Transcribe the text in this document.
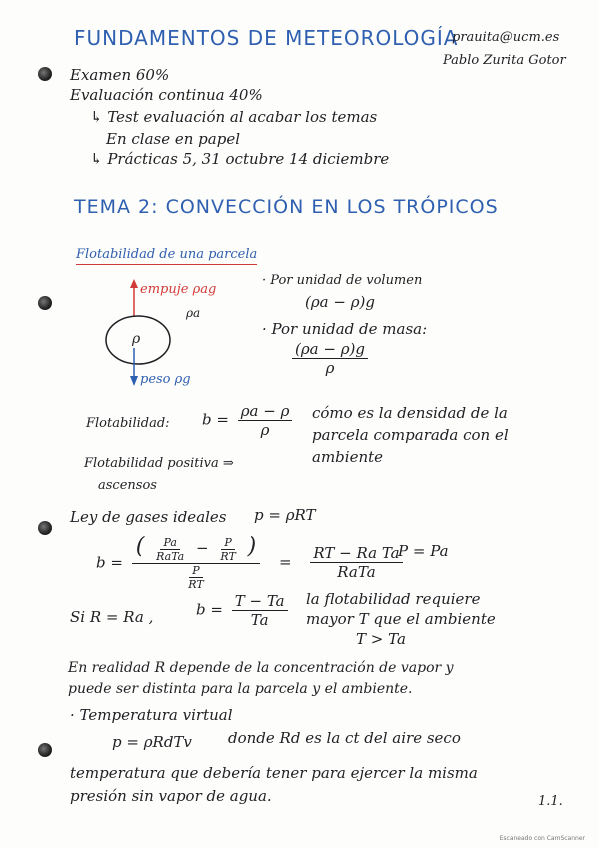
FUNDAMENTOS DE METEOROLOGÍA
prauita@ucm.es
Pablo Zurita Gotor
Examen 60%
Evaluación continua 40%
↳ Test evaluación al acabar los temas
En clase en papel
↳ Prácticas 5, 31 octubre 14 diciembre
TEMA 2: CONVECCIÓN EN LOS TRÓPICOS
Flotabilidad de una parcela
empuje ρag
ρa
ρ
peso ρg
· Por unidad de volumen
(ρa − ρ)g
· Por unidad de masa:
$\frac{(\rho a - \rho)g}{\rho}$
Flotabilidad: $b = \frac{\rho a - \rho}{\rho}$ cómo es la densidad de la
parcela comparada con el
ambiente
Flotabilidad positiva ⇒
ascensos
Ley de gases ideales p = ρRT
b =
( $\frac{Pa}{\text{RaTa}} - \frac{P}{RT}$ )
$\frac{P}{RT}$
= $\frac{\text{RT − Ra Ta}}{\text{RaTa}}$
P = Pa
Si R = Ra ,	$b = \frac{T - Ta}{Ta}$ la flotabilidad requiere
mayor T que el ambiente
T > Ta
En realidad R depende de la concentración de vapor y
puede ser distinta para la parcela y el ambiente.
· Temperatura virtual
p = ρRdTv donde Rd es la ct del aire seco
temperatura que debería tener para ejercer la misma
presión sin vapor de agua.	1.1.
Escaneado con CamScanner
